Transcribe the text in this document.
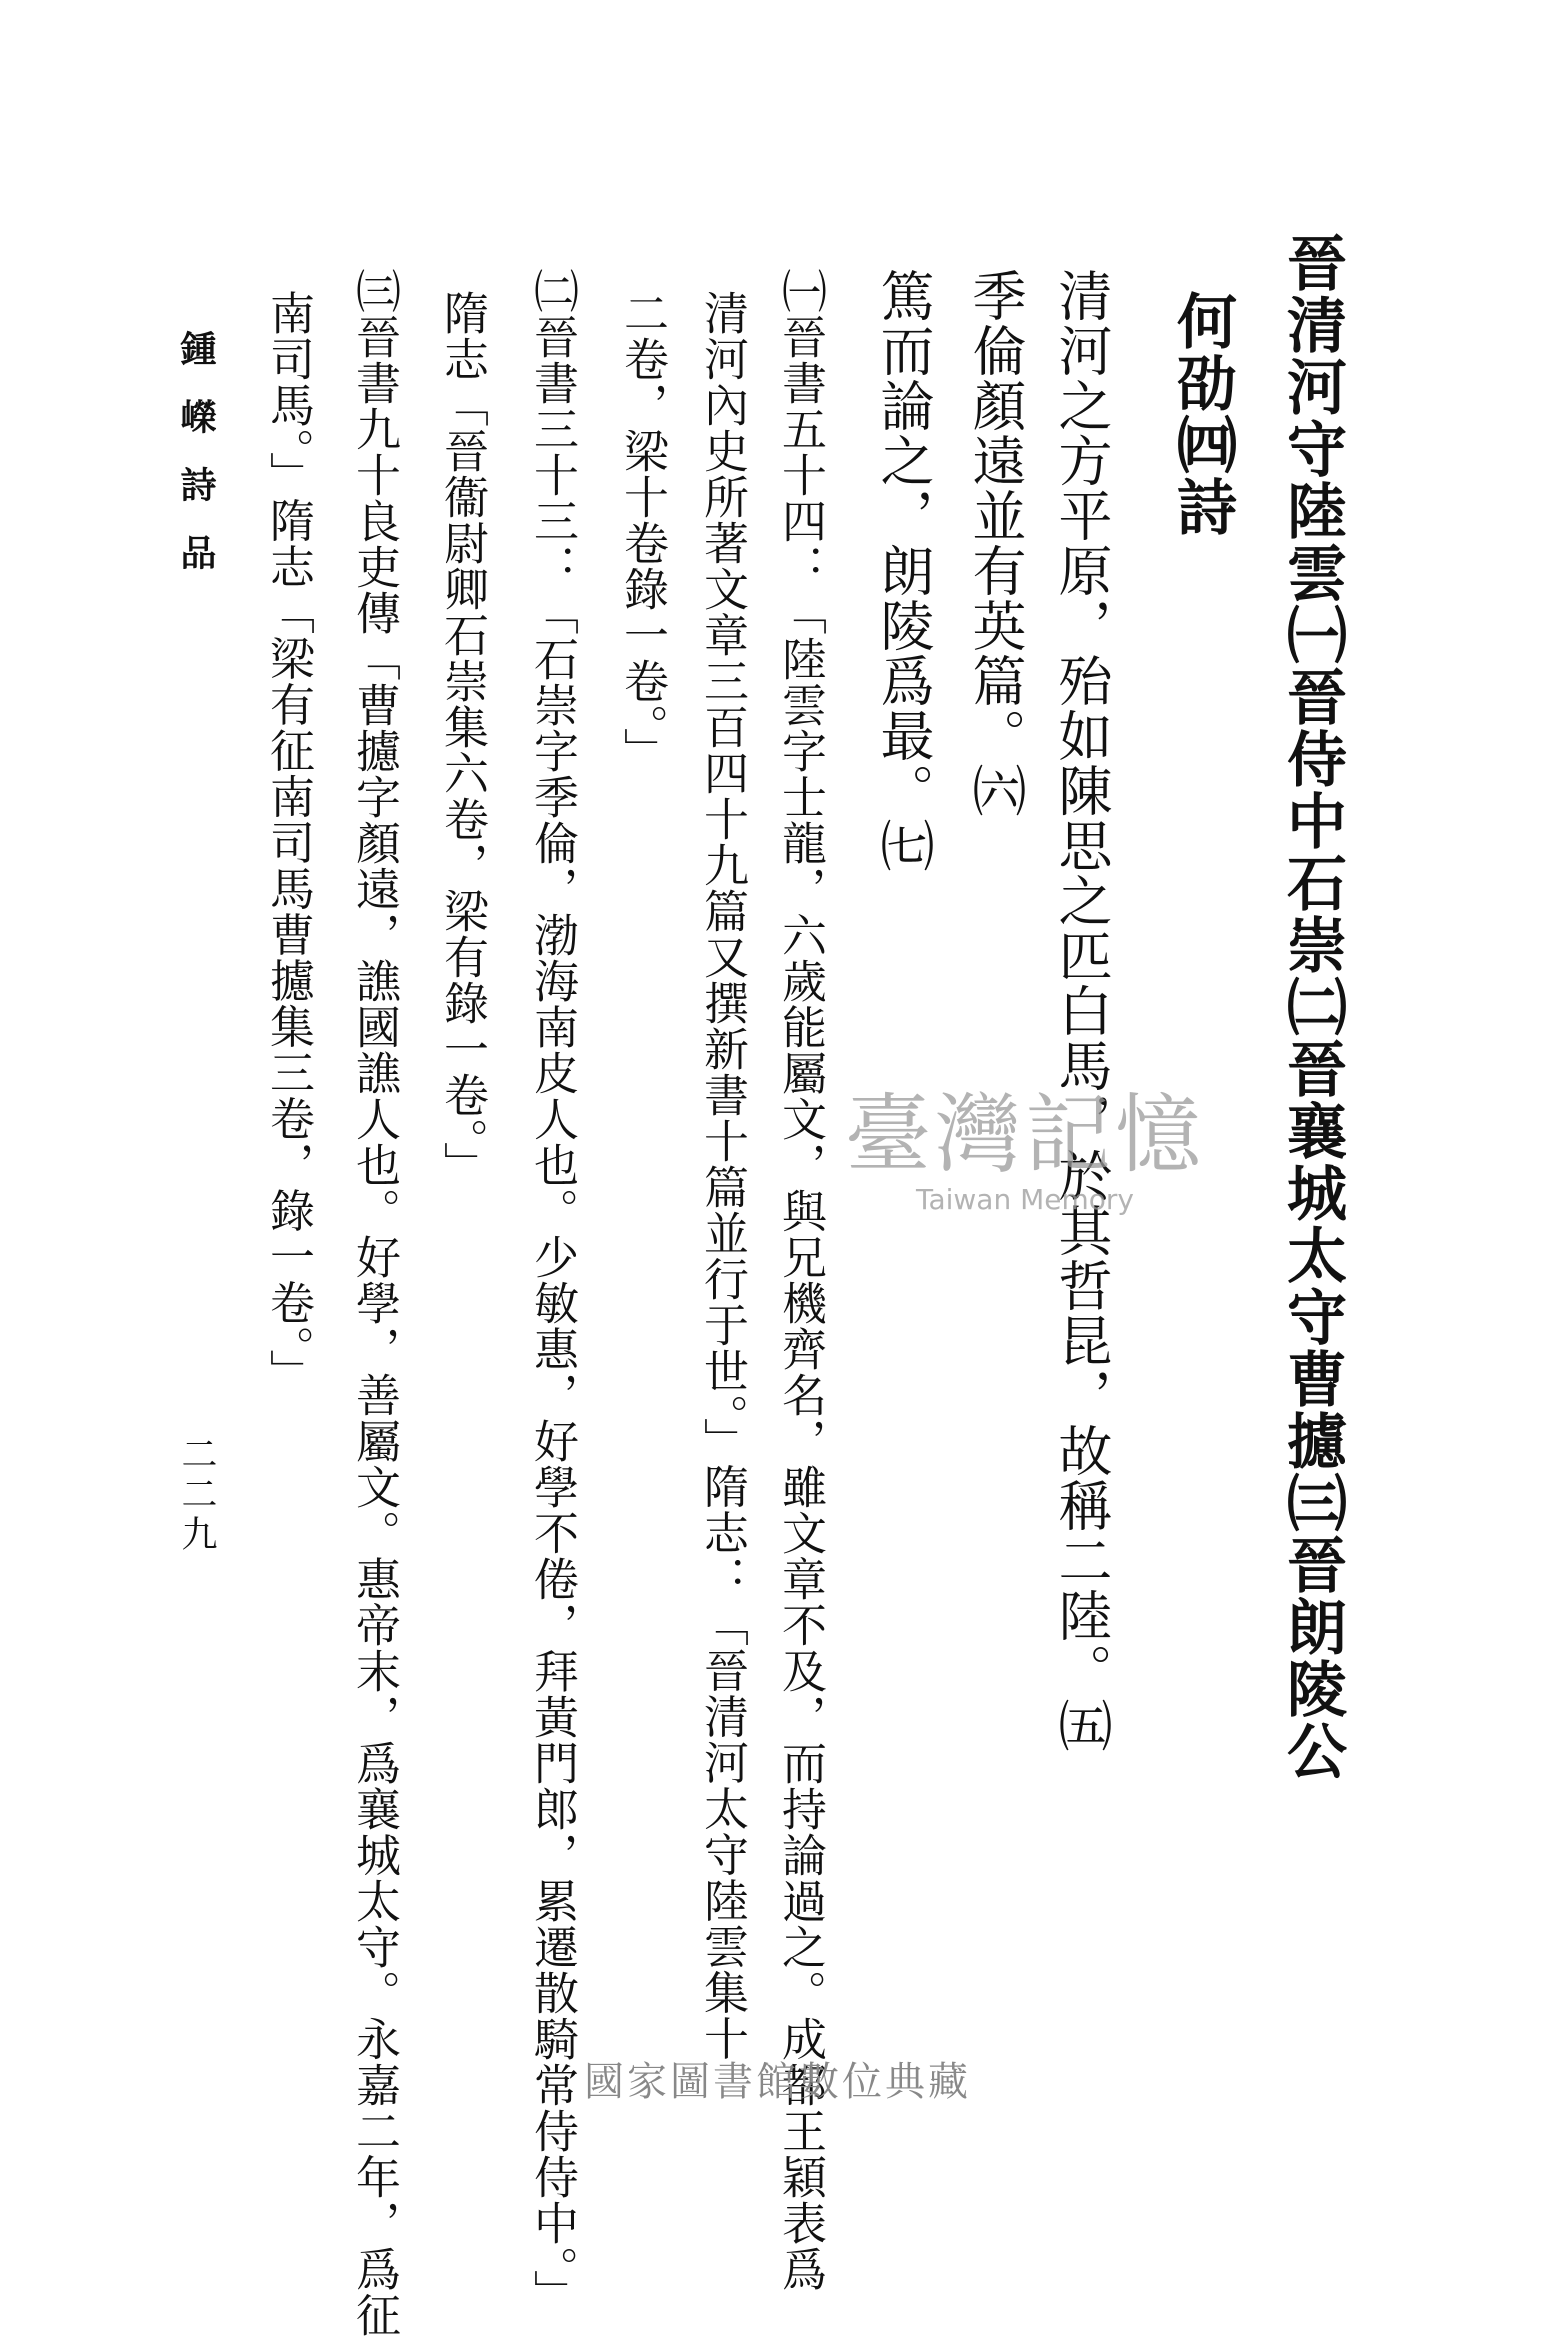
晉清河守陸雲㈠晉侍中石崇㈡晉襄城太守曹攄㈢晉朗陵公
何劭㈣詩
清河之方平原，殆如陳思之匹白馬，於其哲昆，故稱二陸。㈤
季倫顏遠並有英篇。㈥
篤而論之，朗陵爲最。㈦
㈠晉書五十四：「陸雲字士龍，六歲能屬文，與兄機齊名，雖文章不及，而持論過之。成都王穎表爲
清河內史所著文章三百四十九篇又撰新書十篇並行于世。」隋志：「晉清河太守陸雲集十
二卷，梁十卷錄一卷。」
㈡晉書三十三：「石崇字季倫，渤海南皮人也。少敏惠，好學不倦，拜黃門郎，累遷散騎常侍侍中。」
隋志「晉衞尉卿石崇集六卷，梁有錄一卷。」
㈢晉書九十良吏傳「曹攄字顏遠，譙國譙人也。好學，善屬文。惠帝末，爲襄城太守。永嘉二年，爲征
南司馬。」隋志「梁有征南司馬曹攄集三卷，錄一卷。」
鍾嶸詩品
二二九
臺灣記憶
Taiwan Memory
國家圖書館數位典藏
